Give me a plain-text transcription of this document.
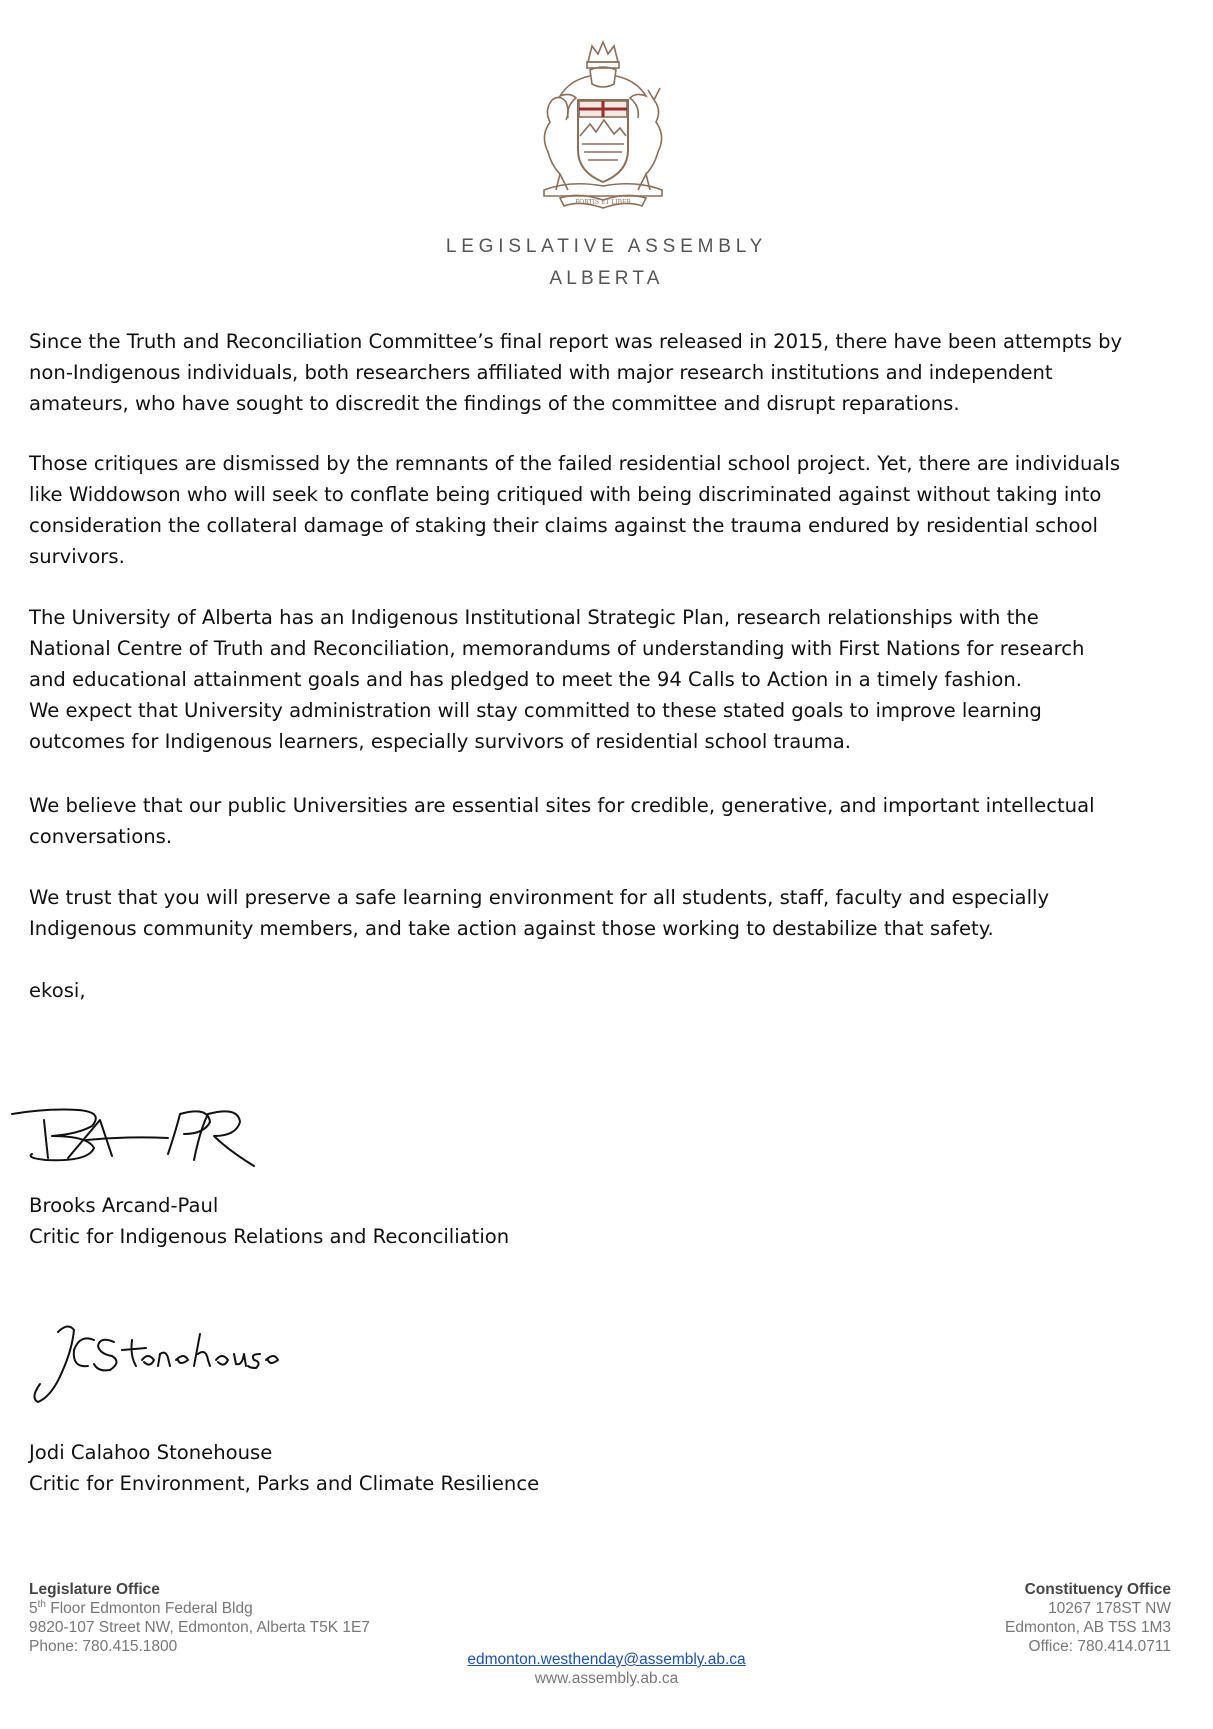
FORTIS ET LIBER
LEGISLATIVE ASSEMBLY
ALBERTA

Since the Truth and Reconciliation Committee’s final report was released in 2015, there have been attempts by

non-Indigenous individuals, both researchers affiliated with major research institutions and independent

amateurs, who have sought to discredit the findings of the committee and disrupt reparations.

Those critiques are dismissed by the remnants of the failed residential school project. Yet, there are individuals

like Widdowson who will seek to conflate being critiqued with being discriminated against without taking into

consideration the collateral damage of staking their claims against the trauma endured by residential school

survivors.

The University of Alberta has an Indigenous Institutional Strategic Plan, research relationships with the

National Centre of Truth and Reconciliation, memorandums of understanding with First Nations for research

and educational attainment goals and has pledged to meet the 94 Calls to Action in a timely fashion.

We expect that University administration will stay committed to these stated goals to improve learning

outcomes for Indigenous learners, especially survivors of residential school trauma.

We believe that our public Universities are essential sites for credible, generative, and important intellectual

conversations.

We trust that you will preserve a safe learning environment for all students, staff, faculty and especially

Indigenous community members, and take action against those working to destabilize that safety.

ekosi,
Brooks Arcand-Paul
Critic for Indigenous Relations and Reconciliation
Jodi Calahoo Stonehouse
Critic for Environment, Parks and Climate Resilience
Legislature Office
5th Floor Edmonton Federal Bldg
9820-107 Street NW, Edmonton, Alberta T5K 1E7
Phone: 780.415.1800
Constituency Office
10267 178ST NW
Edmonton, AB T5S 1M3
Office: 780.414.0711
edmonton.westhenday@assembly.ab.ca
www.assembly.ab.ca
